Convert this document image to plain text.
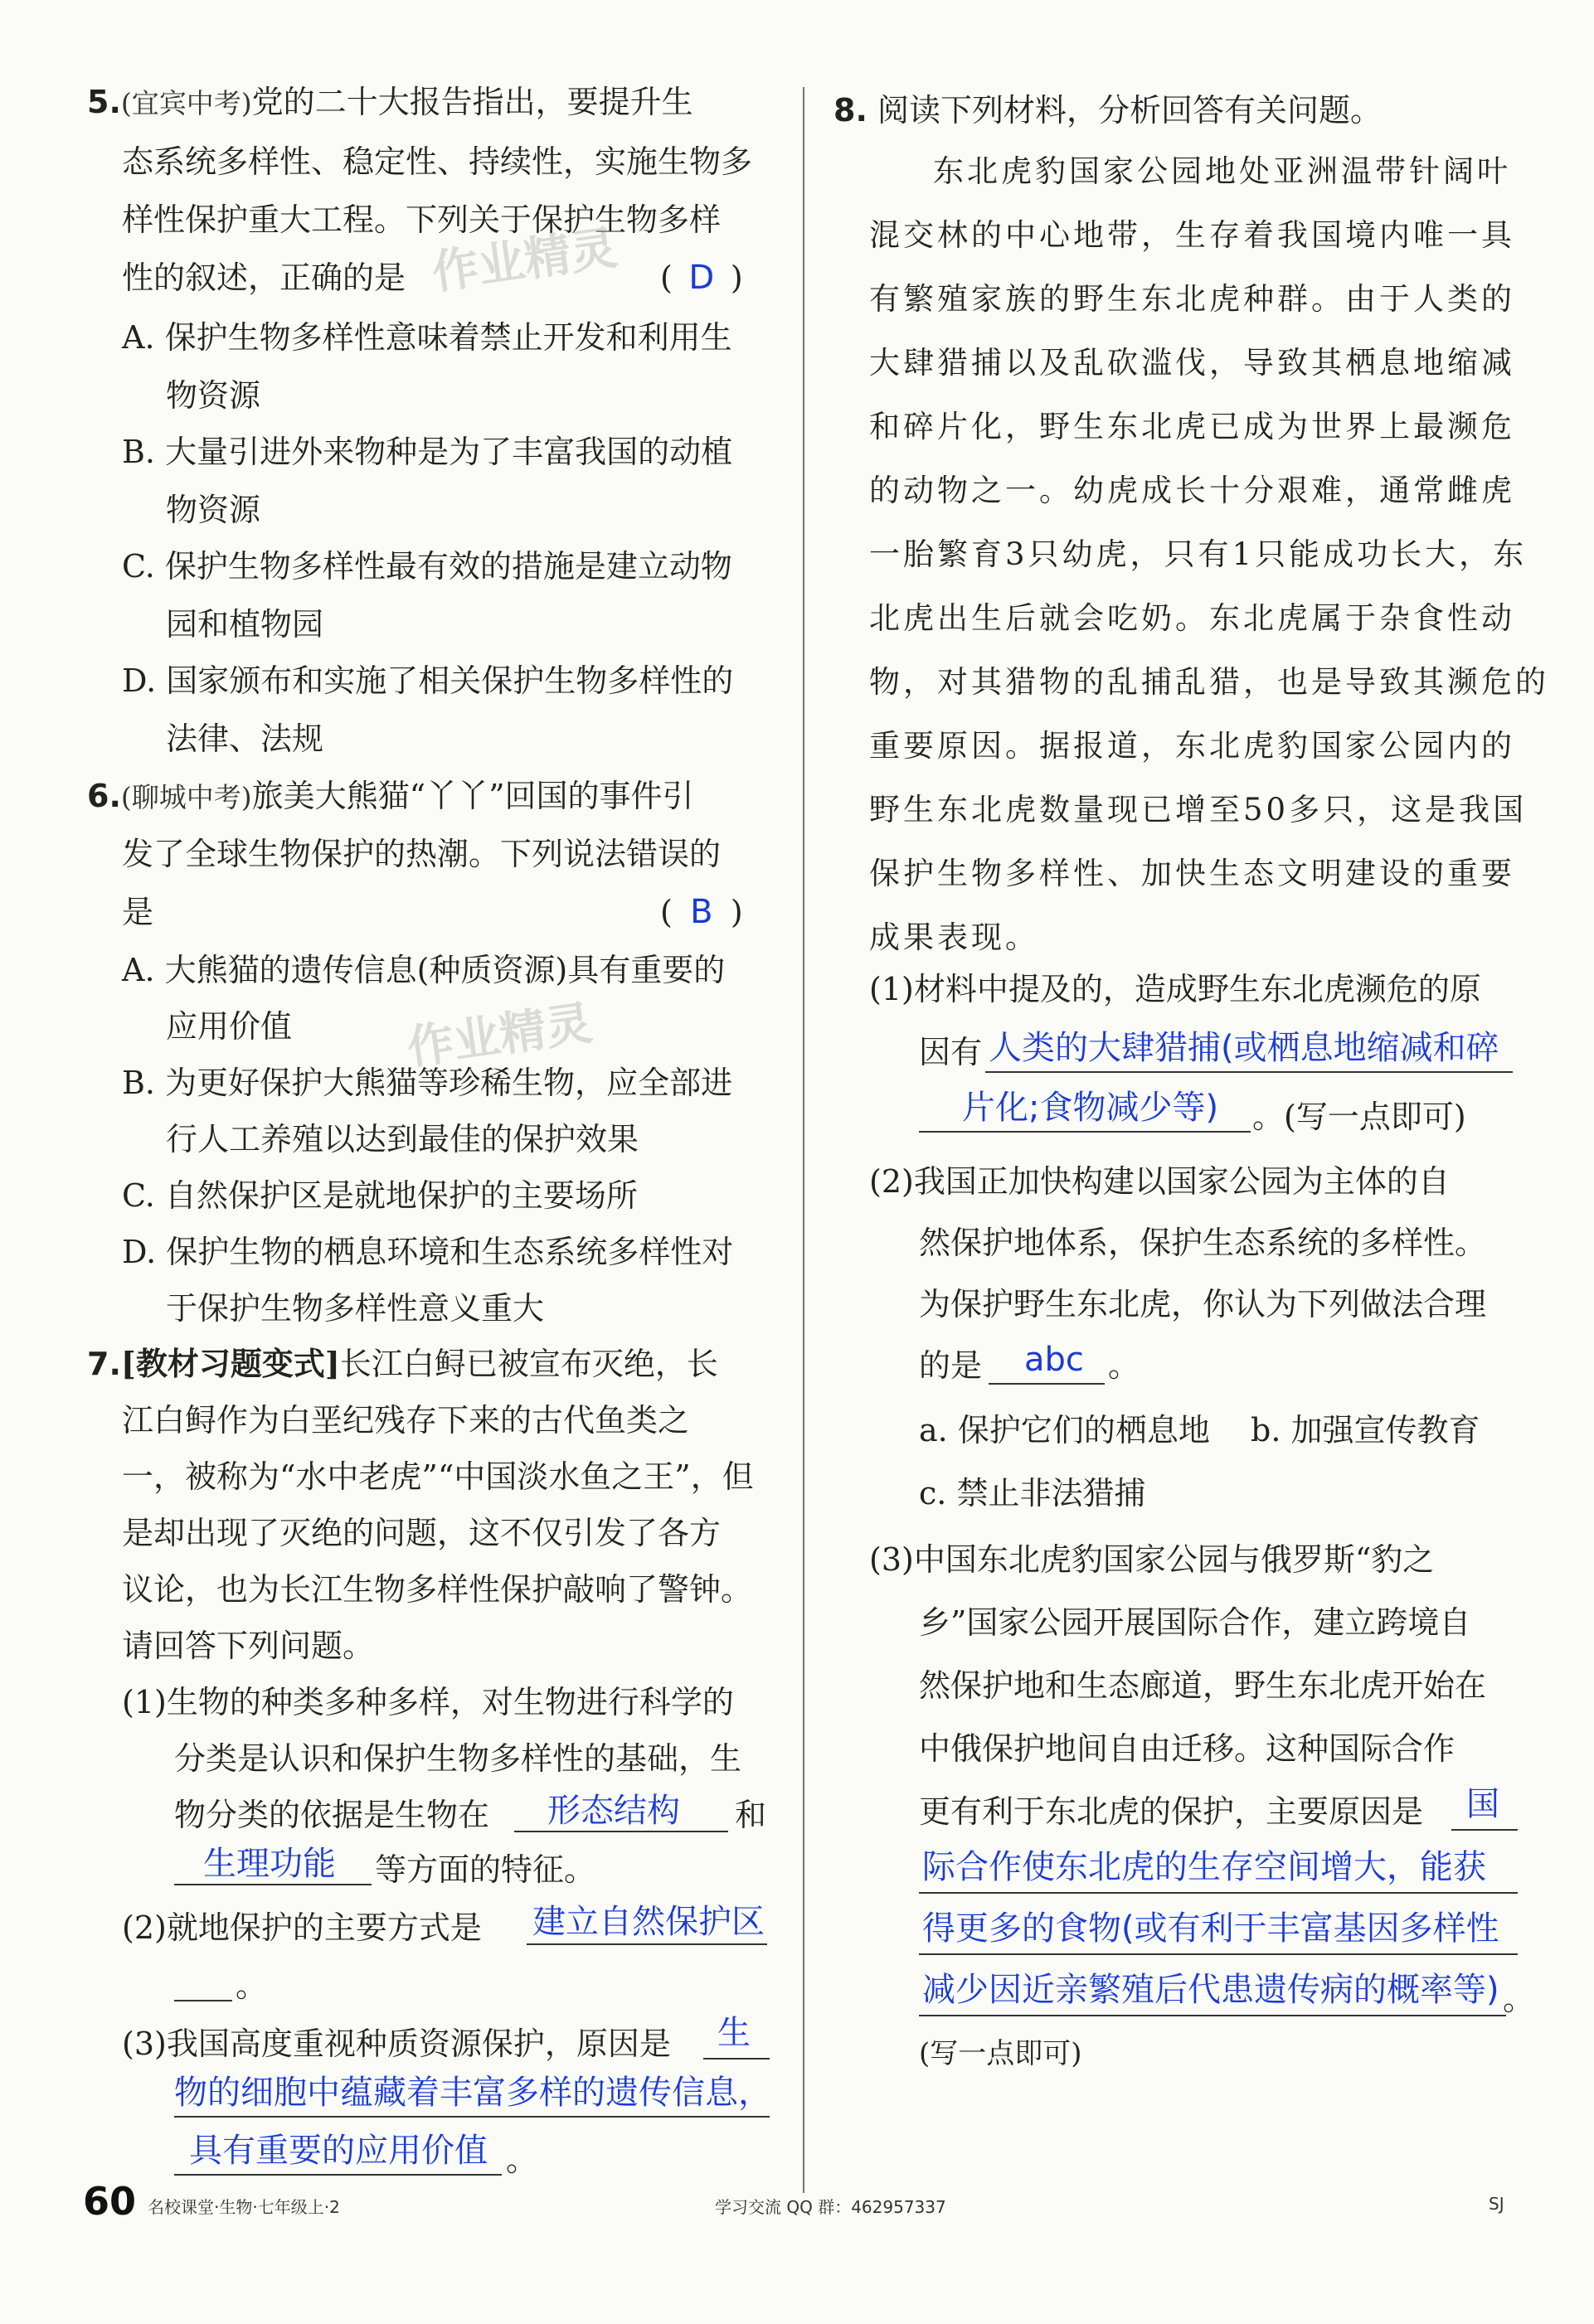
5.(宜宾中考)党的二十大报告指出，要提升生
态系统多样性、稳定性、持续性，实施生物多
样性保护重大工程。下列关于保护生物多样
性的叙述，正确的是	( D )
A. 保护生物多样性意味着禁止开发和利用生
物资源
B. 大量引进外来物种是为了丰富我国的动植
物资源
C. 保护生物多样性最有效的措施是建立动物
园和植物园
D. 国家颁布和实施了相关保护生物多样性的
法律、法规
6.(聊城中考)旅美大熊猫“丫丫”回国的事件引
发了全球生物保护的热潮。下列说法错误的
是	( B )
A. 大熊猫的遗传信息(种质资源)具有重要的
应用价值
B. 为更好保护大熊猫等珍稀生物，应全部进
行人工养殖以达到最佳的保护效果
C. 自然保护区是就地保护的主要场所
D. 保护生物的栖息环境和生态系统多样性对
于保护生物多样性意义重大
7.[教材习题变式]长江白鲟已被宣布灭绝，长
江白鲟作为白垩纪残存下来的古代鱼类之
一，被称为“水中老虎”“中国淡水鱼之王”，但
是却出现了灭绝的问题，这不仅引发了各方
议论，也为长江生物多样性保护敲响了警钟。
请回答下列问题。
(1)生物的种类多种多样，对生物进行科学的
分类是认识和保护生物多样性的基础，生
物分类的依据是生物在 形态结构 和
生理功能 等方面的特征。
(2)就地保护的主要方式是 建立自然保护区
。
(3)我国高度重视种质资源保护，原因是 生
物的细胞中蕴藏着丰富多样的遗传信息，
具有重要的应用价值 。
8. 阅读下列材料，分析回答有关问题。
东北虎豹国家公园地处亚洲温带针阔叶
混交林的中心地带，生存着我国境内唯一具
有繁殖家族的野生东北虎种群。由于人类的
大肆猎捕以及乱砍滥伐，导致其栖息地缩减
和碎片化，野生东北虎已成为世界上最濒危
的动物之一。幼虎成长十分艰难，通常雌虎
一胎繁育3只幼虎，只有1只能成功长大，东
北虎出生后就会吃奶。东北虎属于杂食性动
物，对其猎物的乱捕乱猎，也是导致其濒危的
重要原因。据报道，东北虎豹国家公园内的
野生东北虎数量现已增至50多只，这是我国
保护生物多样性、加快生态文明建设的重要
成果表现。
(1)材料中提及的，造成野生东北虎濒危的原
因有 人类的大肆猎捕(或栖息地缩减和碎
片化;食物减少等) 。(写一点即可)
(2)我国正加快构建以国家公园为主体的自
然保护地体系，保护生态系统的多样性。
为保护野生东北虎，你认为下列做法合理
的是 abc 。
a. 保护它们的栖息地 b. 加强宣传教育
c. 禁止非法猎捕
(3)中国东北虎豹国家公园与俄罗斯“豹之
乡”国家公园开展国际合作，建立跨境自
然保护地和生态廊道，野生东北虎开始在
中俄保护地间自由迁移。这种国际合作
更有利于东北虎的保护，主要原因是 国
际合作使东北虎的生存空间增大，能获
得更多的食物(或有利于丰富基因多样性
减少因近亲繁殖后代患遗传病的概率等) 。
(写一点即可)
作业精灵
作业精灵
60 名校课堂·生物·七年级上·2	学习交流 QQ 群：462957337	SJ
